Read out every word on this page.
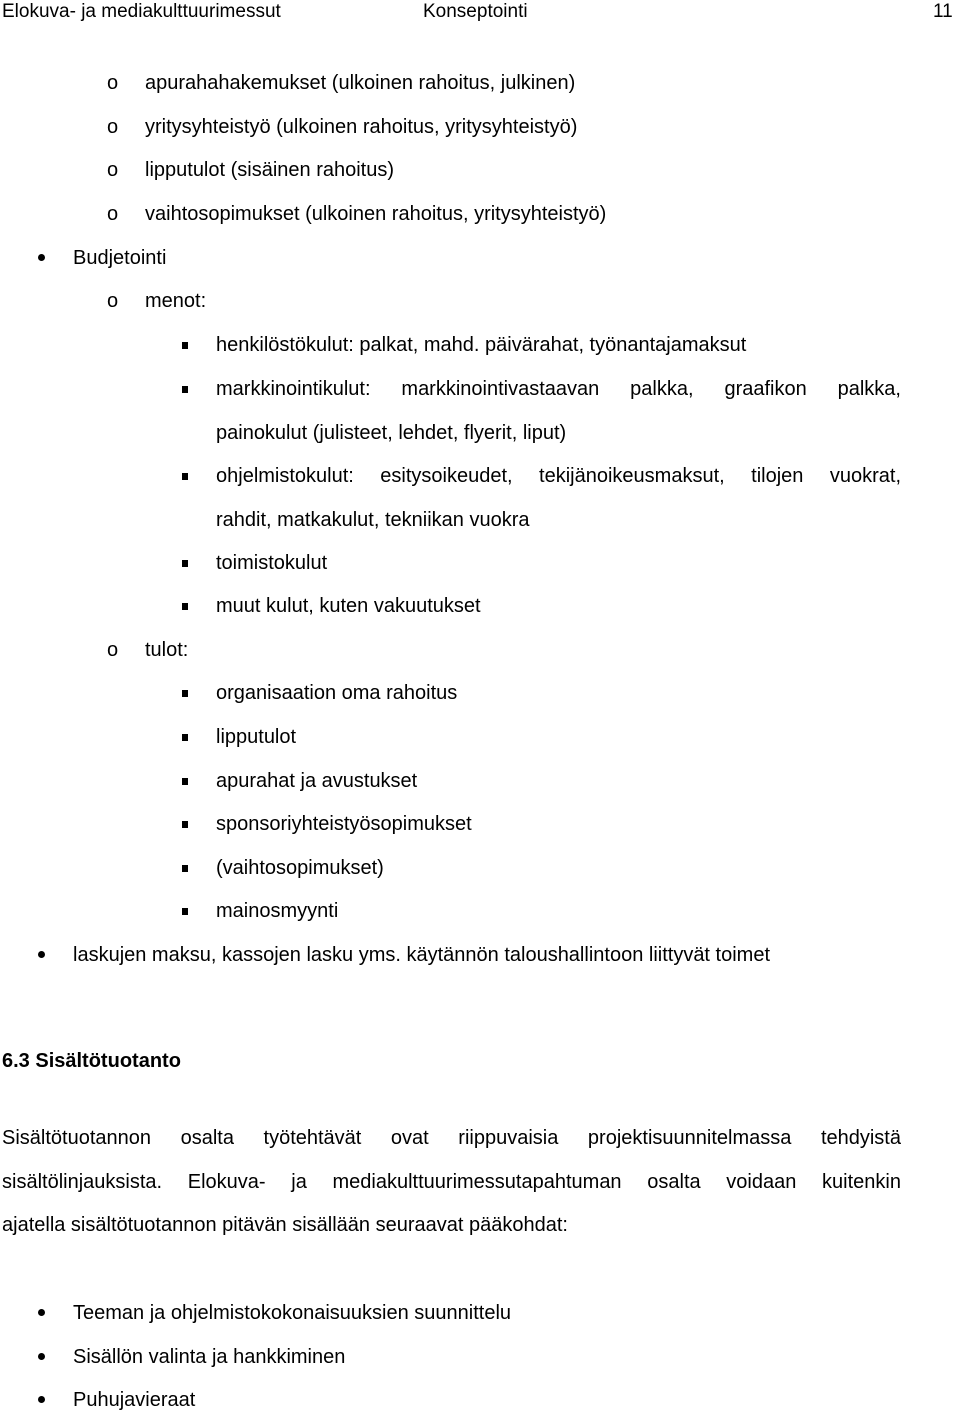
Elokuva- ja mediakulttuurimessut	Konseptointi	11
o apurahahakemukset (ulkoinen rahoitus, julkinen)
o yritysyhteistyö (ulkoinen rahoitus, yritysyhteistyö)
o lipputulot (sisäinen rahoitus)
o vaihtosopimukset (ulkoinen rahoitus, yritysyhteistyö)
Budjetointi
o menot:
henkilöstökulut: palkat, mahd. päivärahat, työnantajamaksut
markkinointikulut: markkinointivastaavan palkka, graafikon palkka,
painokulut (julisteet, lehdet, flyerit, liput)
ohjelmistokulut: esitysoikeudet, tekijänoikeusmaksut, tilojen vuokrat,
rahdit, matkakulut, tekniikan vuokra
toimistokulut
muut kulut, kuten vakuutukset
o tulot:
organisaation oma rahoitus
lipputulot
apurahat ja avustukset
sponsoriyhteistyösopimukset
(vaihtosopimukset)
mainosmyynti
laskujen maksu, kassojen lasku yms. käytännön taloushallintoon liittyvät toimet
6.3 Sisältötuotanto
Sisältötuotannon osalta työtehtävät ovat riippuvaisia projektisuunnitelmassa tehdyistä
sisältölinjauksista. Elokuva- ja mediakulttuurimessutapahtuman osalta voidaan kuitenkin
ajatella sisältötuotannon pitävän sisällään seuraavat pääkohdat:
Teeman ja ohjelmistokokonaisuuksien suunnittelu
Sisällön valinta ja hankkiminen
Puhujavieraat
